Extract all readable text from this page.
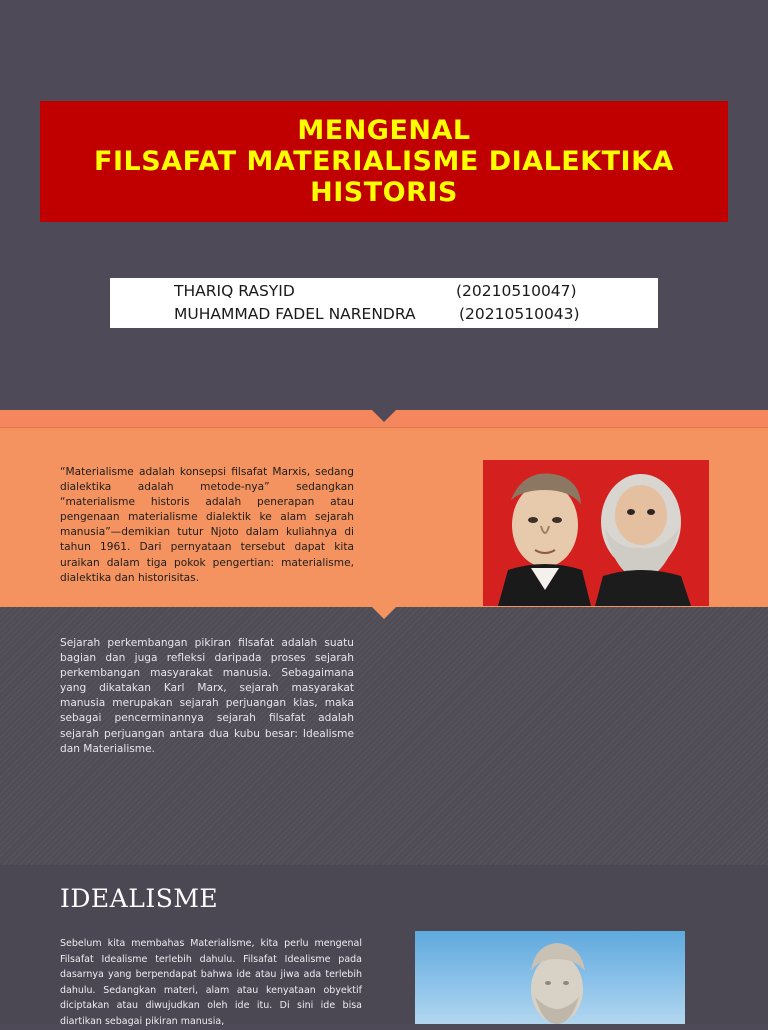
MENGENAL
FILSAFAT MATERIALISME DIALEKTIKA
HISTORIS
THARIQ RASYID	(20210510047)
MUHAMMAD FADEL NARENDRA	(20210510043)
“Materialisme adalah konsepsi filsafat Marxis, sedang dialektika adalah metode-nya” sedangkan “materialisme historis adalah penerapan atau pengenaan materialisme dialektik ke alam sejarah manusia”—demikian tutur Njoto dalam kuliahnya di tahun 1961. Dari pernyataan tersebut dapat kita uraikan dalam tiga pokok pengertian: materialisme, dialektika dan historisitas.
Sejarah perkembangan pikiran filsafat adalah suatu bagian dan juga refleksi daripada proses sejarah perkembangan masyarakat manusia. Sebagaimana yang dikatakan Karl Marx, sejarah masyarakat manusia merupakan sejarah perjuangan klas, maka sebagai pencerminannya sejarah filsafat adalah sejarah perjuangan antara dua kubu besar: Idealisme dan Materialisme.
IDEALISME
Sebelum kita membahas Materialisme, kita perlu mengenal Filsafat Idealisme terlebih dahulu. Filsafat Idealisme pada dasarnya yang berpendapat bahwa ide atau jiwa ada terlebih dahulu. Sedangkan materi, alam atau kenyataan obyektif diciptakan atau diwujudkan oleh ide itu. Di sini ide bisa diartikan sebagai pikiran manusia,
